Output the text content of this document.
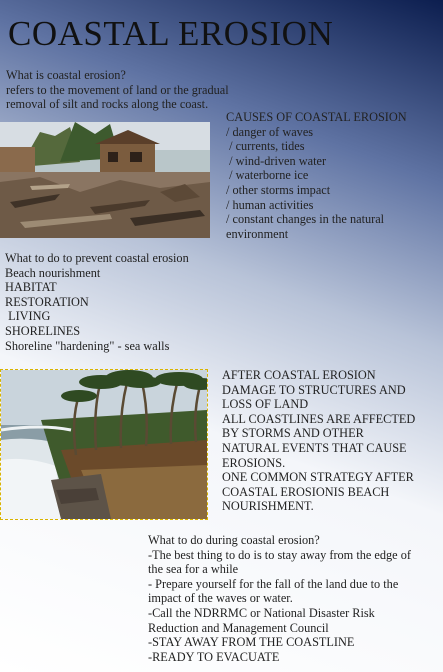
COASTAL EROSION

What is coastal erosion?

refers to the movement of land or the gradual

removal of silt and rocks along the coast.

CAUSES OF COASTAL EROSION

/ danger of waves

/ currents, tides

/ wind-driven water

/ waterborne ice

/ other storms impact

/ human activities

/ constant changes in the natural

environment

What to do to prevent coastal erosion

Beach nourishment

HABITAT

RESTORATION

LIVING

SHORELINES

Shoreline "hardening" - sea walls

AFTER COASTAL EROSION

DAMAGE TO STRUCTURES AND

LOSS OF LAND

ALL COASTLINES ARE AFFECTED

BY STORMS AND OTHER

NATURAL EVENTS THAT CAUSE

EROSIONS.

ONE COMMON STRATEGY AFTER

COASTAL EROSIONIS BEACH

NOURISHMENT.

What to do during coastal erosion?

-The best thing to do is to stay away from the edge of

the sea for a while

- Prepare yourself for the fall of the land due to the

impact of the waves or water.

-Call the NDRRMC or National Disaster Risk

Reduction and Management Council

-STAY AWAY FROM THE COASTLINE

-READY TO EVACUATE
